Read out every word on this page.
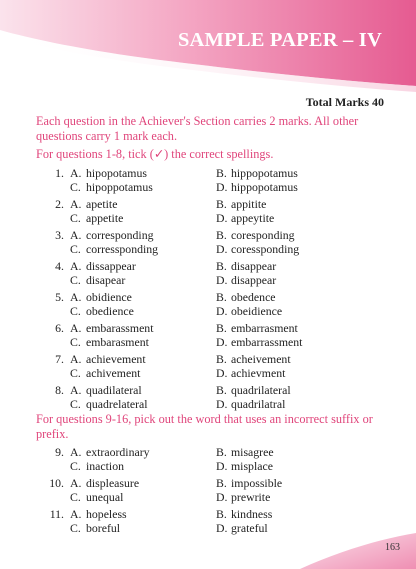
SAMPLE PAPER – IV
Total Marks 40
Each question in the Achiever's Section carries 2 marks. All other questions carry 1 mark each.
For questions 1-8, tick (✓) the correct spellings.
1. A. hipopotamus	B. hippopotamus
C. hipoppotamus	D. hippopotamus
2. A. apetite	B. appitite
C. appetite	D. appeytite
3. A. corresponding	B. coresponding
C. corressponding	D. coressponding
4. A. dissappear	B. disappear
C. disapear	D. disappear
5. A. obidience	B. obedence
C. obedience	D. obeidience
6. A. embarassment	B. embarrasment
C. embarasment	D. embarrassment
7. A. achievement	B. acheivement
C. achivement	D. achievment
8. A. quadilateral	B. quadrilateral
C. quadrelateral	D. quadrilatral
For questions 9-16, pick out the word that uses an incorrect suffix or prefix.
9. A. extraordinary	B. misagree
C. inaction	D. misplace
10. A. displeasure	B. impossible
C. unequal	D. prewrite
11. A. hopeless	B. kindness
C. boreful	D. grateful
163
